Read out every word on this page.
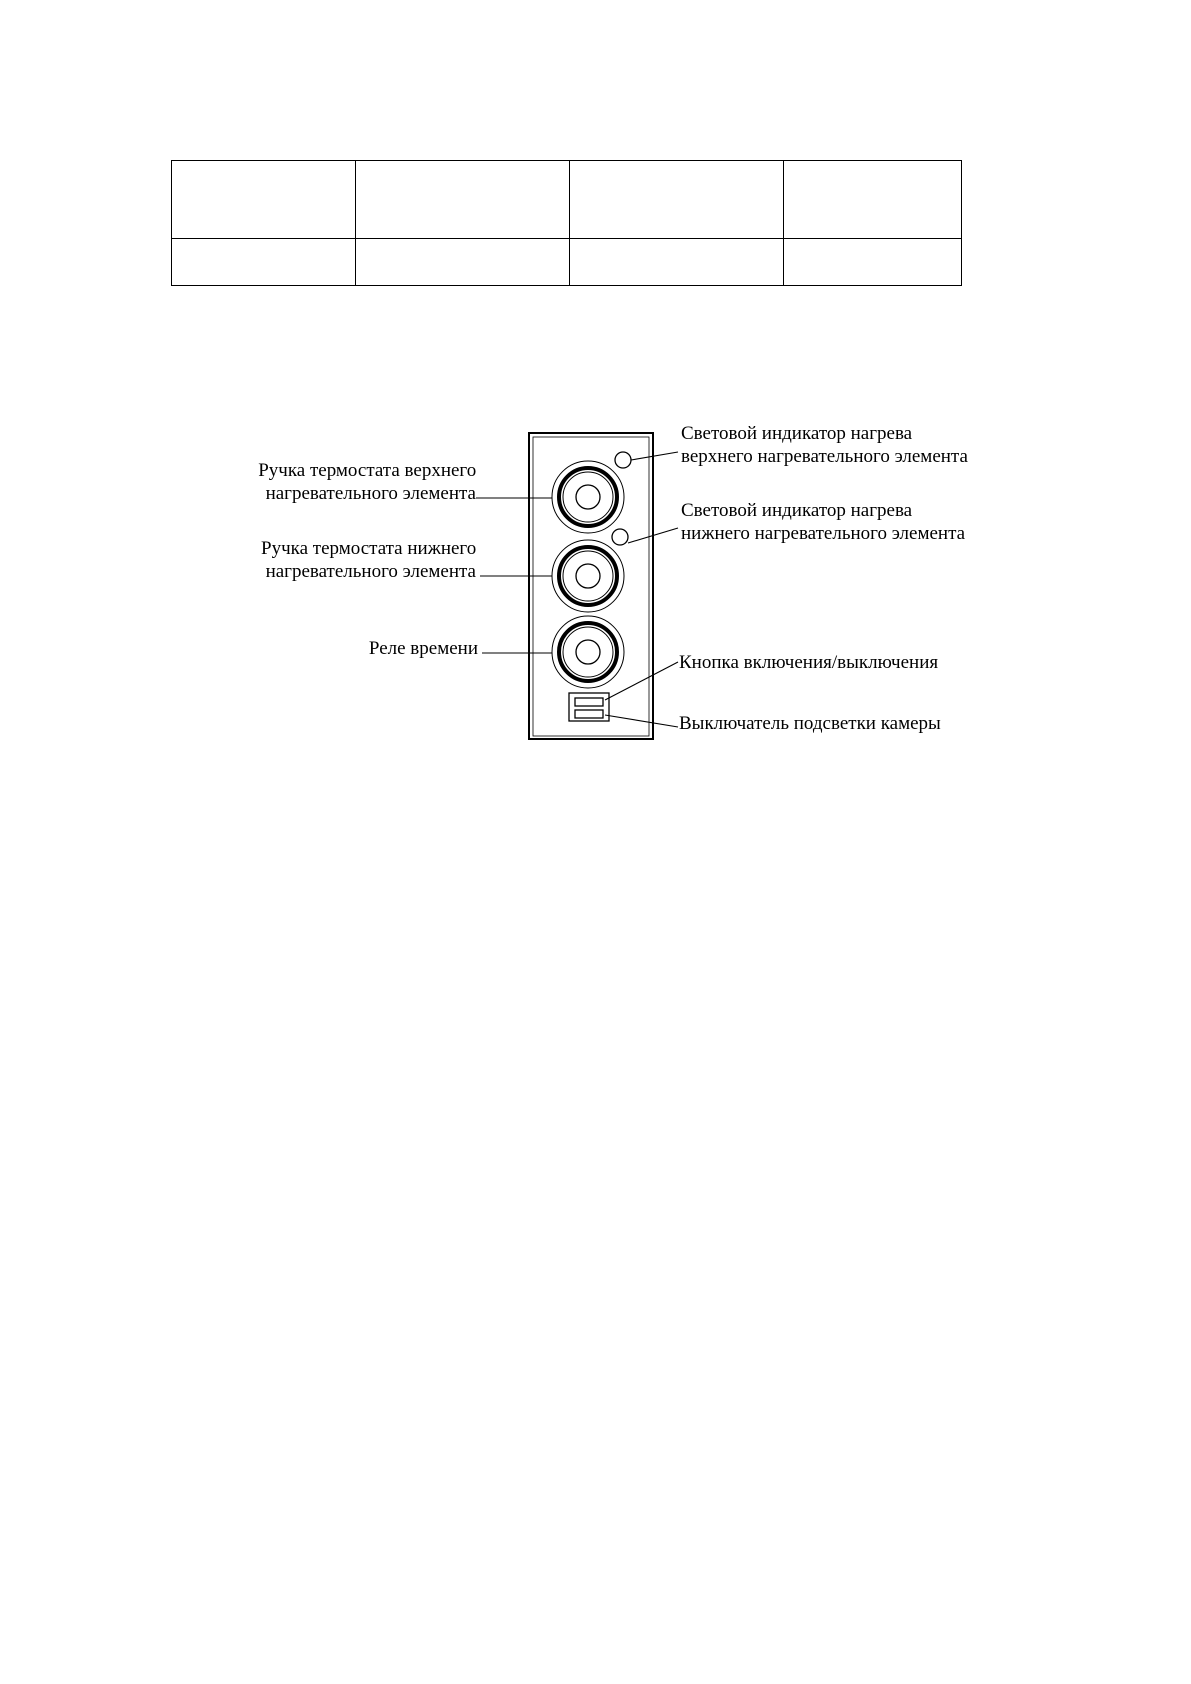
Ручка термостата верхнего нагревательного элемента
Ручка термостата нижнего нагревательного элемента
Реле времени
Световой индикатор нагрева верхнего нагревательного элемента
Световой индикатор нагрева нижнего нагревательного элемента
Кнопка включения/выключения
Выключатель подсветки камеры
